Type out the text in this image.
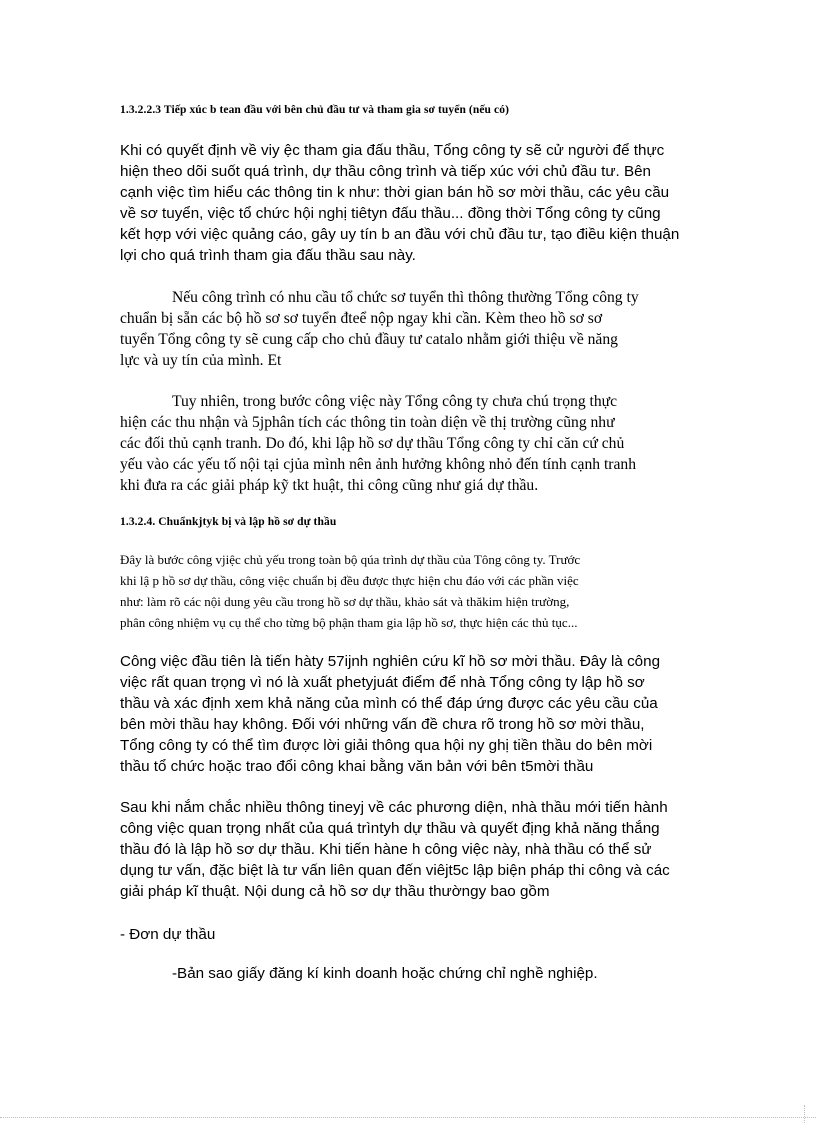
1.3.2.2.3 Tiếp xúc b tean đầu với bên chủ đầu tư và tham gia sơ tuyển (nếu có)
Khi có quyết định về viy ệc tham gia đấu thầu, Tổng công ty sẽ cử người để thực
hiện theo dõi suốt quá trình, dự thầu công trình và tiếp xúc với chủ đầu tư. Bên
cạnh việc tìm hiểu các thông tin k như: thời gian bán hồ sơ mời thầu, các yêu cầu
về sơ tuyển, việc tổ chức hội nghị tiêtyn đấu thầu... đồng thời Tổng công ty cũng
kết hợp với việc quảng cáo, gây uy tín b an đầu với chủ đầu tư, tạo điều kiện thuận
lợi cho quá trình tham gia đấu thầu sau này.
Nếu công trình có nhu cầu tổ chức sơ tuyển thì thông thường Tổng công ty
chuẩn bị sẵn các bộ hồ sơ sơ tuyển đteể nộp ngay khi cần. Kèm theo hồ sơ sơ
tuyển Tổng công ty sẽ cung cấp cho chủ đầuy tư catalo nhằm giới thiệu về năng
lực và uy tín của mình. Et
Tuy nhiên, trong bước công việc này Tổng công ty chưa chú trọng thực
hiện các thu nhận và 5jphân tích các thông tin toàn diện về thị trường cũng như
các đối thủ cạnh tranh. Do đó, khi lập hồ sơ dự thầu Tổng công ty chỉ căn cứ chủ
yếu vào các yếu tố nội tại cjủa mình nên ảnh hưởng không nhỏ đến tính cạnh tranh
khi đưa ra các giải pháp kỹ tkt huật, thi công cũng như giá dự thầu.
1.3.2.4. Chuẩnkjtyk bị và lập hồ sơ dự thầu
Đây là bước công vjiệc chủ yếu trong toàn bộ qúa trình dự thầu của Tông công ty. Trước
khi lậ p hồ sơ dự thầu, công việc chuẩn bị đều được thực hiện chu đáo với các phần việc
như: làm rõ các nội dung yêu cầu trong hồ sơ dự thầu, khảo sát và thăkim hiện trường,
phân công nhiệm vụ cụ thể cho từng bộ phận tham gia lập hồ sơ, thực hiện các thủ tục...
Công việc đầu tiên là tiến hàty 57ijnh nghiên cứu kĩ hồ sơ mời thầu. Đây là công
việc rất quan trọng vì nó là xuất phetyjuát điểm để nhà Tổng công ty lập hồ sơ
thầu và xác định xem khả năng của mình có thể đáp ứng được các yêu cầu của
bên mời thầu hay không. Đối với những vấn đề chưa rõ trong hồ sơ mời thầu,
Tổng công ty có thể tìm được lời giải thông qua hội ny ghị tiền thầu do bên mời
thầu tổ chức hoặc trao đổi công khai bằng văn bản với bên t5mời thầu
Sau khi nắm chắc nhiều thông tineyj về các phương diện, nhà thầu mới tiến hành
công việc quan trọng nhất của quá trìntyh dự thầu và quyết địng khả năng thắng
thầu đó là lập hồ sơ dự thầu. Khi tiến hàne h công việc này, nhà thầu có thể sử
dụng tư vấn, đặc biệt là tư vấn liên quan đến viêjt5c lập biện pháp thi công và các
giải pháp kĩ thuật. Nội dung cả hồ sơ dự thầu thườngy bao gồm

- Đơn dự thầu

-Bản sao giấy đăng kí kinh doanh hoặc chứng chỉ nghề nghiệp.
